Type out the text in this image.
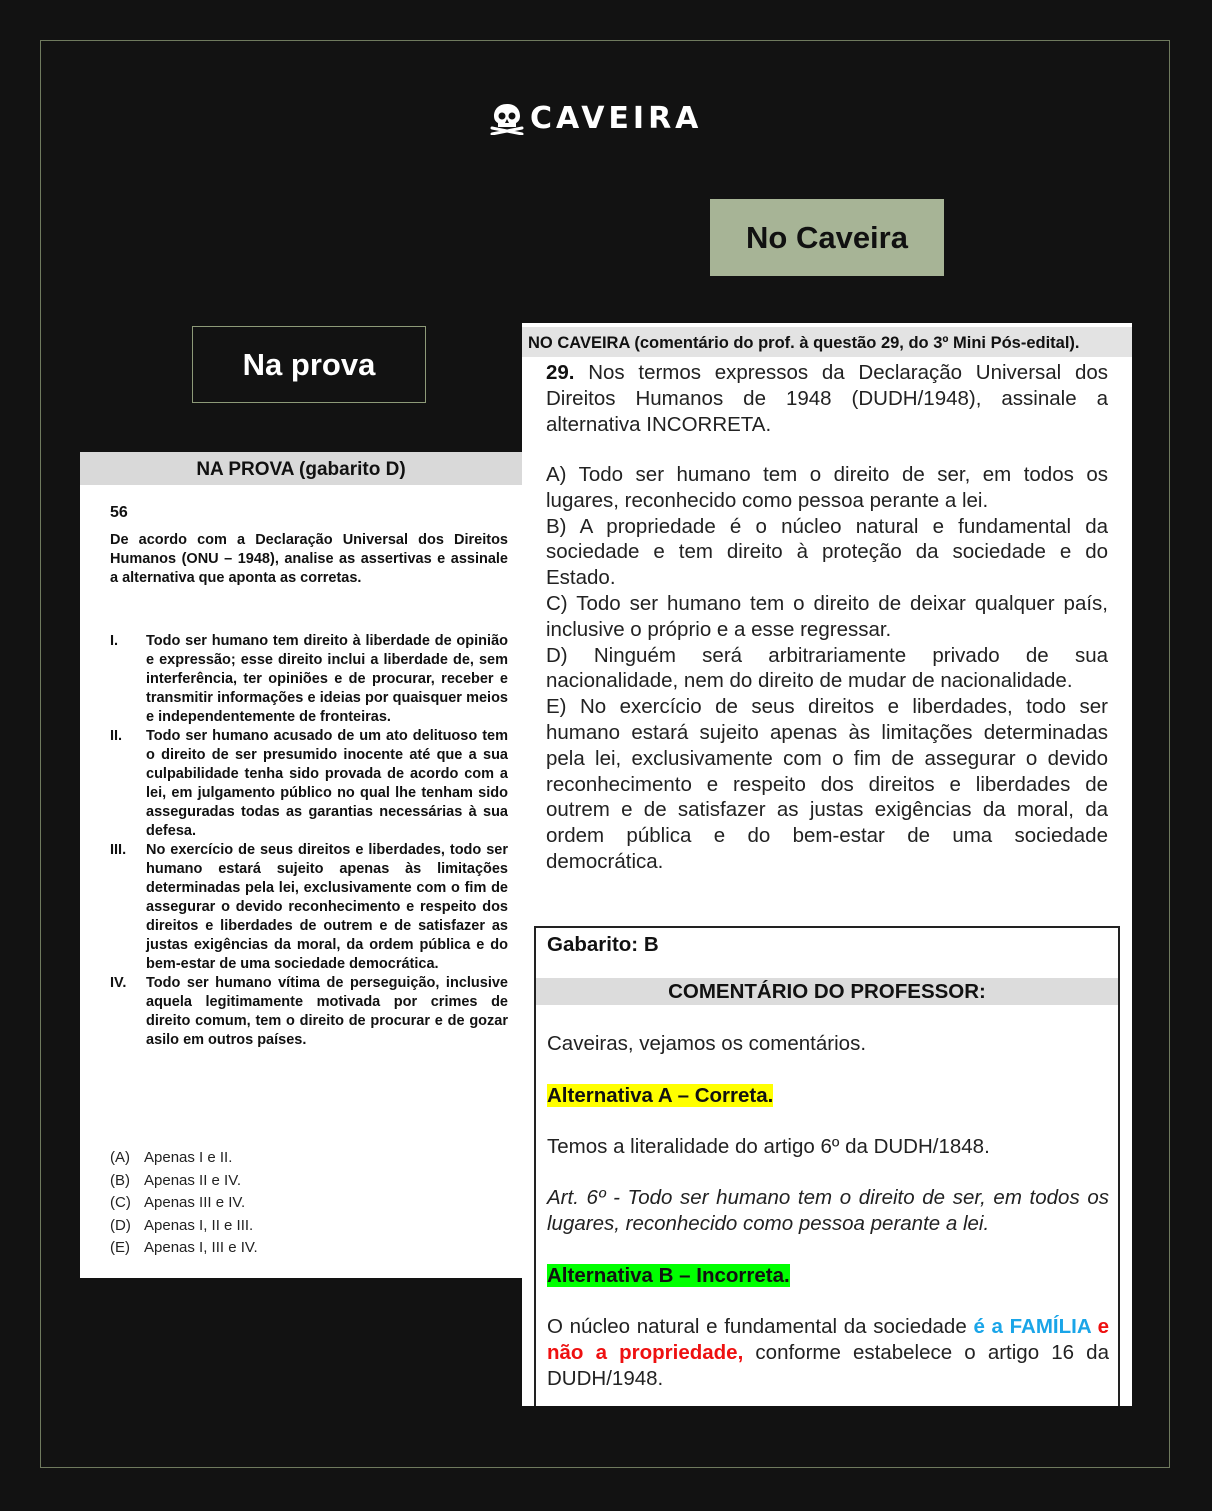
CAVEIRA
No Caveira
Na prova
NA PROVA (gabarito D)
56

De acordo com a Declaração Universal dos Direitos Humanos (ONU – 1948), analise as assertivas e assinale a alternativa que aponta as corretas.

I.	Todo ser humano tem direito à liberdade de opinião e expressão; esse direito inclui a liberdade de, sem interferência, ter opiniões e de procurar, receber e transmitir informações e ideias por quaisquer meios e independentemente de fronteiras.
II.	Todo ser humano acusado de um ato delituoso tem o direito de ser presumido inocente até que a sua culpabilidade tenha sido provada de acordo com a lei, em julgamento público no qual lhe tenham sido asseguradas todas as garantias necessárias à sua defesa.
III.	No exercício de seus direitos e liberdades, todo ser humano estará sujeito apenas às limitações determinadas pela lei, exclusivamente com o fim de assegurar o devido reconhecimento e respeito dos direitos e liberdades de outrem e de satisfazer as justas exigências da moral, da ordem pública e do bem-estar de uma sociedade democrática.
IV.	Todo ser humano vítima de perseguição, inclusive aquela legitimamente motivada por crimes de direito comum, tem o direito de procurar e de gozar asilo em outros países.
(A) Apenas I e II.
(B) Apenas II e IV.
(C) Apenas III e IV.
(D) Apenas I, II e III.
(E) Apenas I, III e IV.
NO CAVEIRA (comentário do prof. à questão 29, do 3º Mini Pós-edital).

29. Nos termos expressos da Declaração Universal dos Direitos Humanos de 1948 (DUDH/1948), assinale a alternativa INCORRETA.

A) Todo ser humano tem o direito de ser, em todos os lugares, reconhecido como pessoa perante a lei.
B) A propriedade é o núcleo natural e fundamental da sociedade e tem direito à proteção da sociedade e do Estado.
C) Todo ser humano tem o direito de deixar qualquer país, inclusive o próprio e a esse regressar.
D) Ninguém será arbitrariamente privado de sua nacionalidade, nem do direito de mudar de nacionalidade.
E) No exercício de seus direitos e liberdades, todo ser humano estará sujeito apenas às limitações determinadas pela lei, exclusivamente com o fim de assegurar o devido reconhecimento e respeito dos direitos e liberdades de outrem e de satisfazer as justas exigências da moral, da ordem pública e do bem-estar de uma sociedade democrática.
Gabarito: B
COMENTÁRIO DO PROFESSOR:

Caveiras, vejamos os comentários.

Alternativa A – Correta.

Temos a literalidade do artigo 6º da DUDH/1848.

Art. 6º - Todo ser humano tem o direito de ser, em todos os lugares, reconhecido como pessoa perante a lei.

Alternativa B – Incorreta.

O núcleo natural e fundamental da sociedade é a FAMÍLIA e não a propriedade, conforme estabelece o artigo 16 da DUDH/1948.
